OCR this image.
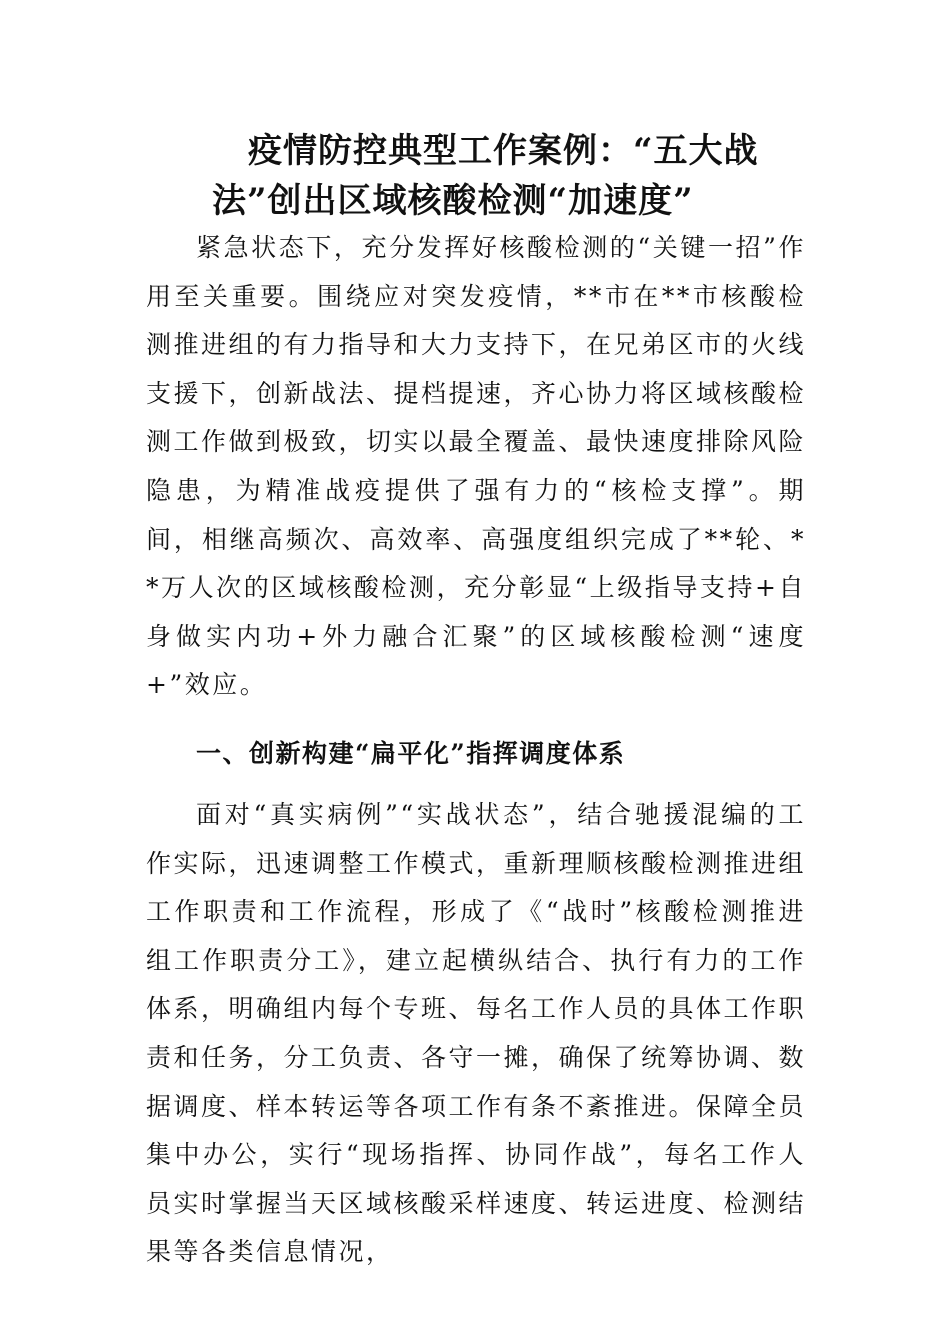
疫情防控典型工作案例：“五大战
法”创出区域核酸检测“加速度”

紧急状态下，充分发挥好核酸检测的“关键一招”作用至关重要。围绕应对突发疫情，**市在**市核酸检测推进组的有力指导和大力支持下，在兄弟区市的火线支援下，创新战法、提档提速，齐心协力将区域核酸检测工作做到极致，切实以最全覆盖、最快速度排除风险隐患，为精准战疫提供了强有力的“核检支撑”。期间，相继高频次、高效率、高强度组织完成了**轮、**万人次的区域核酸检测，充分彰显“上级指导支持+自身做实内功+外力融合汇聚”的区域核酸检测“速度+”效应。

一、创新构建“扁平化”指挥调度体系

面对“真实病例”“实战状态”，结合驰援混编的工作实际，迅速调整工作模式，重新理顺核酸检测推进组工作职责和工作流程，形成了《“战时”核酸检测推进组工作职责分工》，建立起横纵结合、执行有力的工作体系，明确组内每个专班、每名工作人员的具体工作职责和任务，分工负责、各守一摊，确保了统筹协调、数据调度、样本转运等各项工作有条不紊推进。保障全员集中办公，实行“现场指挥、协同作战”，每名工作人员实时掌握当天区域核酸采样速度、转运进度、检测结果等各类信息情况，
